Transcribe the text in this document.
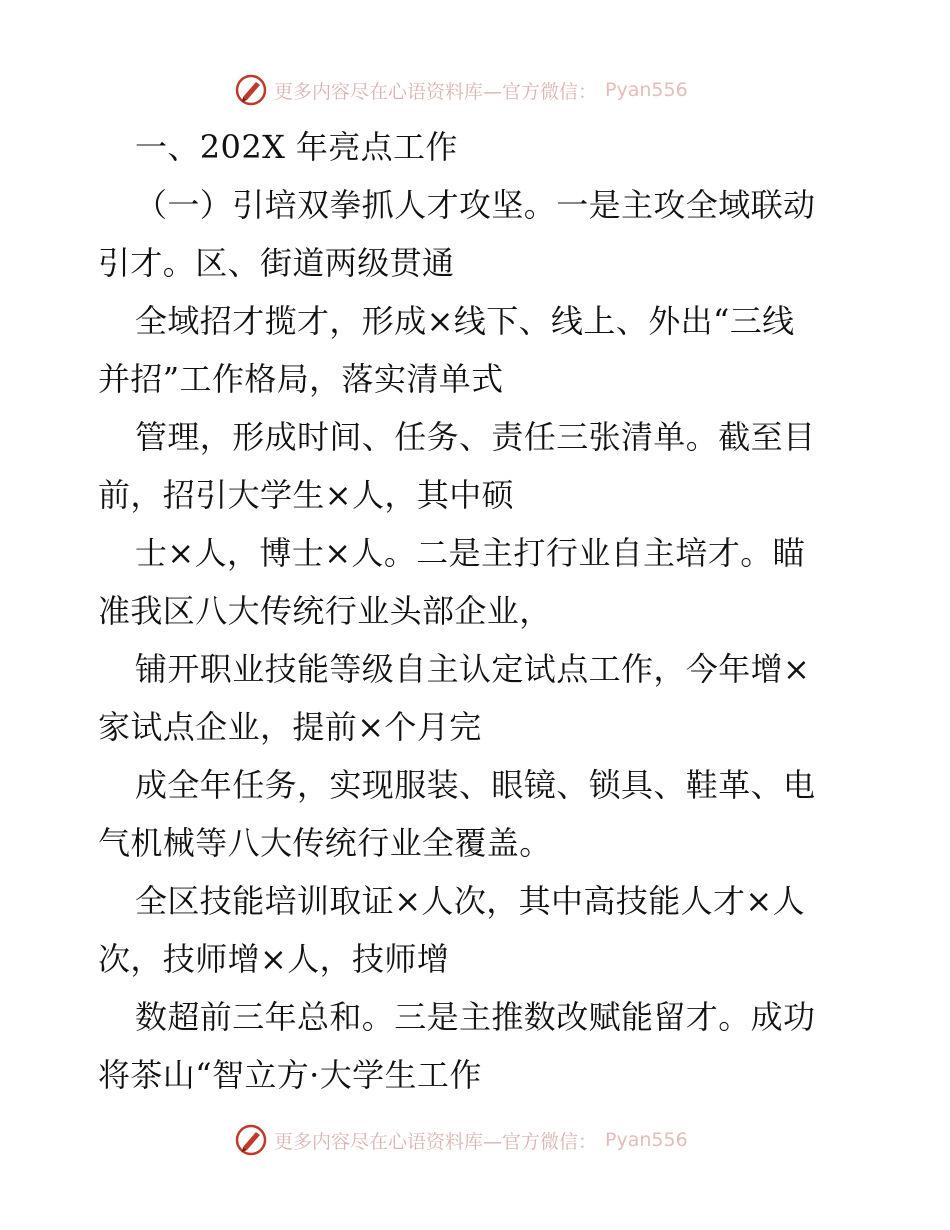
更多内容尽在心语资料库—官方微信： Pyan556
一、202X 年亮点工作
（一）引培双拳抓人才攻坚。一是主攻全域联动
引才。区、街道两级贯通
全域招才揽才，形成×线下、线上、外出“三线
并招”工作格局，落实清单式
管理，形成时间、任务、责任三张清单。截至目
前，招引大学生×人，其中硕
士×人，博士×人。二是主打行业自主培才。瞄
准我区八大传统行业头部企业，
铺开职业技能等级自主认定试点工作，今年增×
家试点企业，提前×个月完
成全年任务，实现服装、眼镜、锁具、鞋革、电
气机械等八大传统行业全覆盖。
全区技能培训取证×人次，其中高技能人才×人
次，技师增×人，技师增
数超前三年总和。三是主推数改赋能留才。成功
将茶山“智立方·大学生工作
更多内容尽在心语资料库—官方微信： Pyan556
